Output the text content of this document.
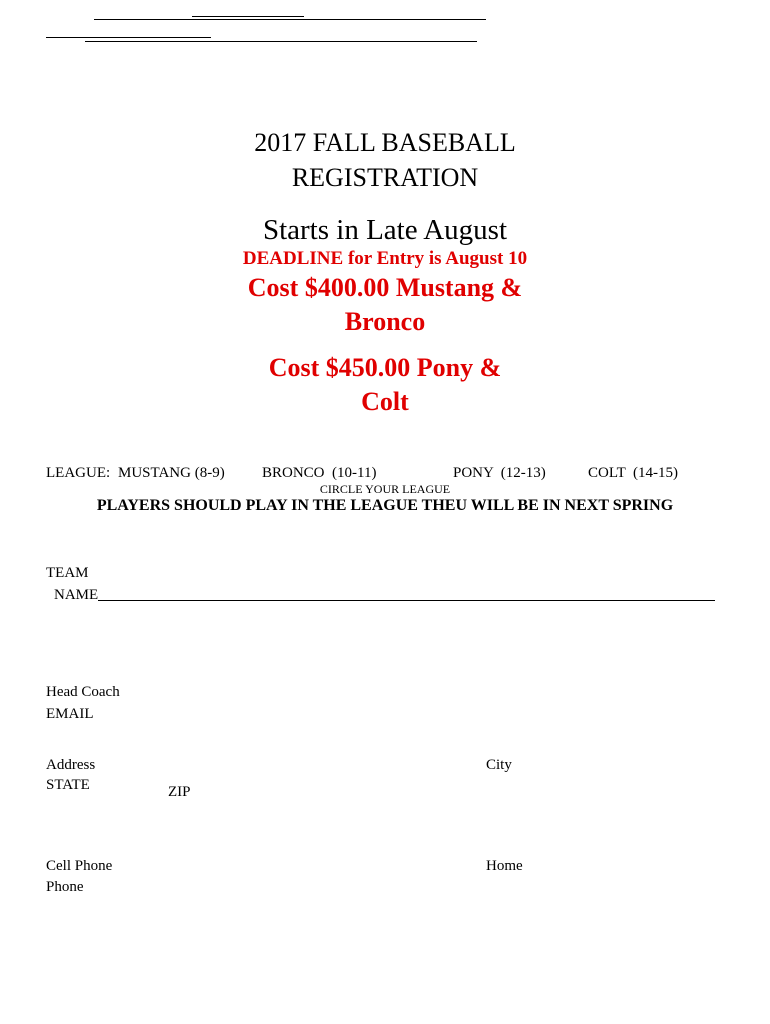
2017 FALL BASEBALL
REGISTRATION
Starts in Late August
DEADLINE for Entry is August 10
Cost $400.00 Mustang &
Bronco
Cost $450.00 Pony &
Colt
LEAGUE: MUSTANG (8-9) BRONCO  (10-11)	PONY  (12-13)	COLT  (14-15)
CIRCLE YOUR LEAGUE
PLAYERS SHOULD PLAY IN THE LEAGUE THEU WILL BE IN NEXT SPRING
TEAM
NAME
Head Coach
EMAIL
Address	City
STATE	ZIP
Cell Phone	Home
Phone
